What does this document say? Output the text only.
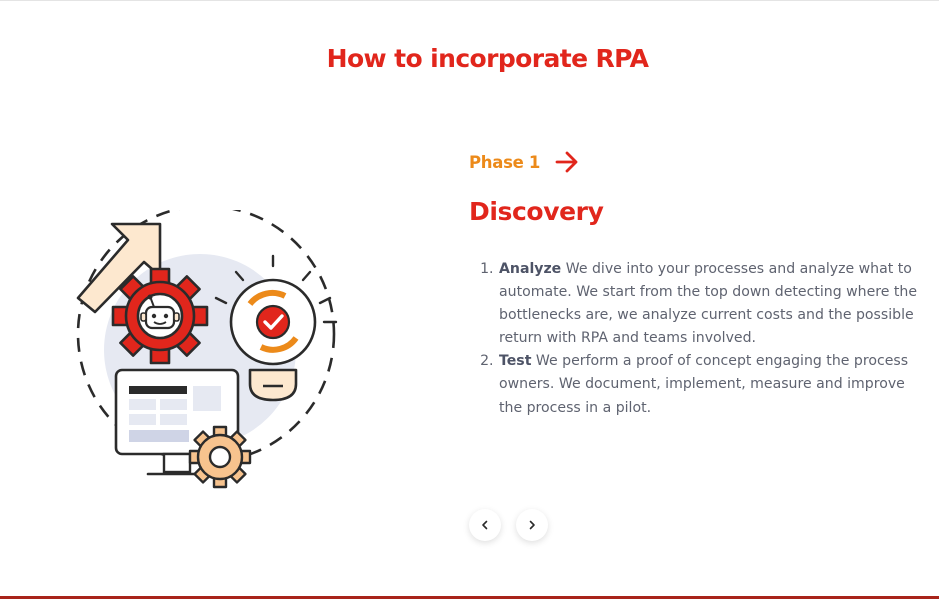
How to incorporate RPA
Phase 1
Discovery
1. Analyze We dive into your processes and analyze what to automate. We start from the top down detecting where the bottlenecks are, we analyze current costs and the possible return with RPA and teams involved.
2. Test We perform a proof of concept engaging the process owners. We document, implement, measure and improve the process in a pilot.
